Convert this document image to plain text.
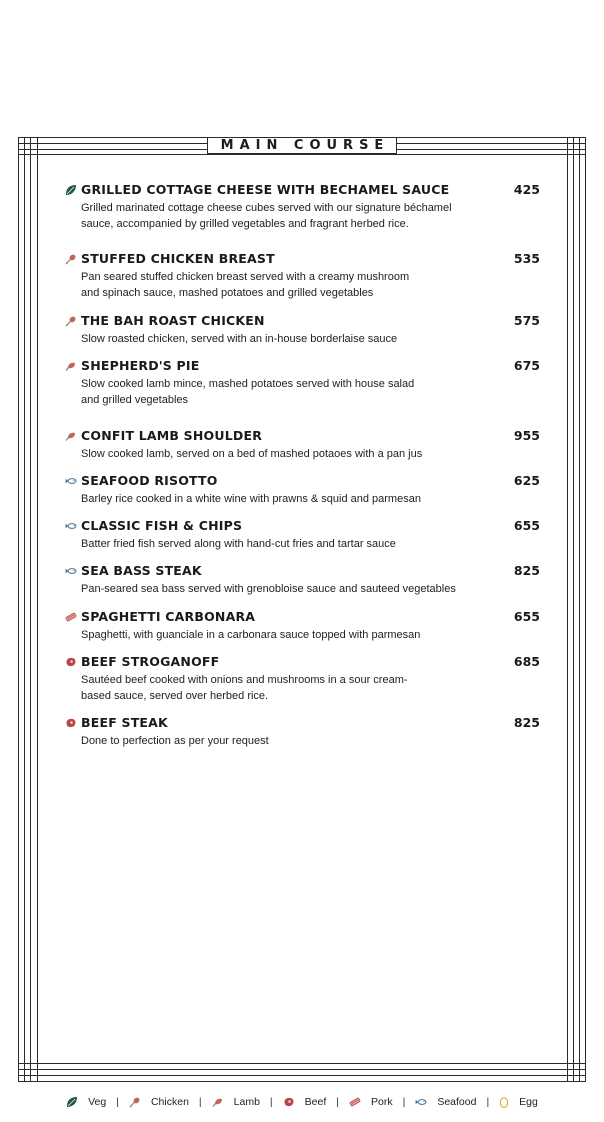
MAIN COURSE
GRILLED COTTAGE CHEESE WITH BECHAMEL SAUCE	425
Grilled marinated cottage cheese cubes served with our signature béchamel
sauce, accompanied by grilled vegetables and fragrant herbed rice.
STUFFED CHICKEN BREAST	535
Pan seared stuffed chicken breast served with a creamy mushroom
and spinach sauce, mashed potatoes and grilled vegetables
THE BAH ROAST CHICKEN	575
Slow roasted chicken, served with an in-house borderlaise sauce
SHEPHERD'S PIE	675
Slow cooked lamb mince, mashed potatoes served with house salad
and grilled vegetables
CONFIT LAMB SHOULDER	955
Slow cooked lamb, served on a bed of mashed potaoes with a pan jus
SEAFOOD RISOTTO	625
Barley rice cooked in a white wine with prawns & squid and parmesan
CLASSIC FISH & CHIPS	655
Batter fried fish served along with hand-cut fries and tartar sauce
SEA BASS STEAK	825
Pan-seared sea bass served with grenobloise sauce and sauteed vegetables
SPAGHETTI CARBONARA	655
Spaghetti, with guanciale in a carbonara sauce topped with parmesan
BEEF STROGANOFF	685
Sautéed beef cooked with onions and mushrooms in a sour cream-
based sauce, served over herbed rice.
BEEF STEAK	825
Done to perfection as per your request
Veg |	Chicken |	Lamb |	Beef |	Pork |	Seafood |	Egg
